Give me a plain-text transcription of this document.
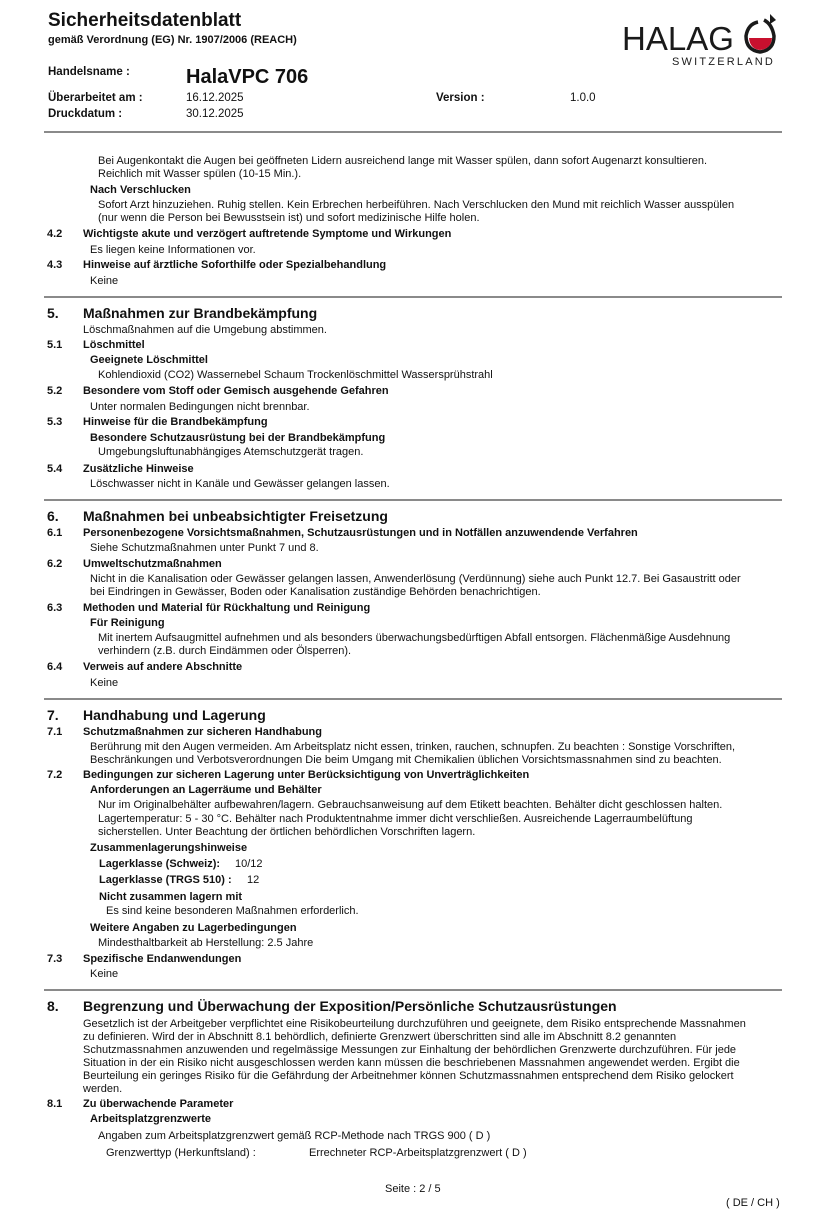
Sicherheitsdatenblatt
gemäß Verordnung (EG) Nr. 1907/2006 (REACH)	HALAG
SWITZERLAND
Handelsname :	HalaVPC 706
Überarbeitet am :	16.12.2025	Version :	1.0.0
Druckdatum :	30.12.2025
Bei Augenkontakt die Augen bei geöffneten Lidern ausreichend lange mit Wasser spülen, dann sofort Augenarzt konsultieren.
Reichlich mit Wasser spülen (10-15 Min.).
Nach Verschlucken
Sofort Arzt hinzuziehen. Ruhig stellen. Kein Erbrechen herbeiführen. Nach Verschlucken den Mund mit reichlich Wasser ausspülen
(nur wenn die Person bei Bewusstsein ist) und sofort medizinische Hilfe holen.
4.2 Wichtigste akute und verzögert auftretende Symptome und Wirkungen
Es liegen keine Informationen vor.
4.3 Hinweise auf ärztliche Soforthilfe oder Spezialbehandlung
Keine
5. Maßnahmen zur Brandbekämpfung
Löschmaßnahmen auf die Umgebung abstimmen.
5.1 Löschmittel
Geeignete Löschmittel
Kohlendioxid (CO2) Wassernebel Schaum Trockenlöschmittel Wassersprühstrahl
5.2 Besondere vom Stoff oder Gemisch ausgehende Gefahren
Unter normalen Bedingungen nicht brennbar.
5.3 Hinweise für die Brandbekämpfung
Besondere Schutzausrüstung bei der Brandbekämpfung
Umgebungsluftunabhängiges Atemschutzgerät tragen.
5.4 Zusätzliche Hinweise
Löschwasser nicht in Kanäle und Gewässer gelangen lassen.
6. Maßnahmen bei unbeabsichtigter Freisetzung
6.1 Personenbezogene Vorsichtsmaßnahmen, Schutzausrüstungen und in Notfällen anzuwendende Verfahren
Siehe Schutzmaßnahmen unter Punkt 7 und 8.
6.2 Umweltschutzmaßnahmen
Nicht in die Kanalisation oder Gewässer gelangen lassen, Anwenderlösung (Verdünnung) siehe auch Punkt 12.7. Bei Gasaustritt oder
bei Eindringen in Gewässer, Boden oder Kanalisation zuständige Behörden benachrichtigen.
6.3 Methoden und Material für Rückhaltung und Reinigung
Für Reinigung
Mit inertem Aufsaugmittel aufnehmen und als besonders überwachungsbedürftigen Abfall entsorgen. Flächenmäßige Ausdehnung
verhindern (z.B. durch Eindämmen oder Ölsperren).
6.4 Verweis auf andere Abschnitte
Keine
7. Handhabung und Lagerung
7.1 Schutzmaßnahmen zur sicheren Handhabung
Berührung mit den Augen vermeiden. Am Arbeitsplatz nicht essen, trinken, rauchen, schnupfen. Zu beachten : Sonstige Vorschriften,
Beschränkungen und Verbotsverordnungen Die beim Umgang mit Chemikalien üblichen Vorsichtsmassnahmen sind zu beachten.
7.2 Bedingungen zur sicheren Lagerung unter Berücksichtigung von Unverträglichkeiten
Anforderungen an Lagerräume und Behälter
Nur im Originalbehälter aufbewahren/lagern. Gebrauchsanweisung auf dem Etikett beachten. Behälter dicht geschlossen halten.
Lagertemperatur: 5 - 30 °C. Behälter nach Produktentnahme immer dicht verschließen. Ausreichende Lagerraumbelüftung
sicherstellen. Unter Beachtung der örtlichen behördlichen Vorschriften lagern.
Zusammenlagerungshinweise
Lagerklasse (Schweiz): 10/12
Lagerklasse (TRGS 510) : 12
Nicht zusammen lagern mit
Es sind keine besonderen Maßnahmen erforderlich.
Weitere Angaben zu Lagerbedingungen
Mindesthaltbarkeit ab Herstellung: 2.5 Jahre
7.3 Spezifische Endanwendungen
Keine
8. Begrenzung und Überwachung der Exposition/Persönliche Schutzausrüstungen
Gesetzlich ist der Arbeitgeber verpflichtet eine Risikobeurteilung durchzuführen und geeignete, dem Risiko entsprechende Massnahmen
zu definieren. Wird der in Abschnitt 8.1 behördlich, definierte Grenzwert überschritten sind alle im Abschnitt 8.2 genannten
Schutzmassnahmen anzuwenden und regelmässige Messungen zur Einhaltung der behördlichen Grenzwerte durchzuführen. Für jede
Situation in der ein Risiko nicht ausgeschlossen werden kann müssen die beschriebenen Massnahmen angewendet werden. Ergibt die
Beurteilung ein geringes Risiko für die Gefährdung der Arbeitnehmer können Schutzmassnahmen entsprechend dem Risiko gelockert
werden.
8.1 Zu überwachende Parameter
Arbeitsplatzgrenzwerte
Angaben zum Arbeitsplatzgrenzwert gemäß RCP-Methode nach TRGS 900 ( D )
Grenzwerttyp (Herkunftsland) :	Errechneter RCP-Arbeitsplatzgrenzwert ( D )
Seite : 2 / 5
( DE / CH )
